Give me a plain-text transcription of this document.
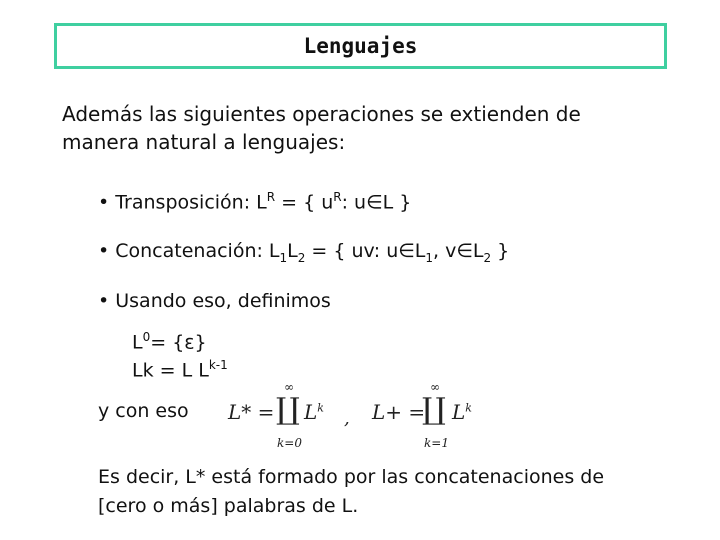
Lenguajes
Además las siguientes operaciones se extienden de manera natural a lenguajes:
• Transposición: $L^R$ = { $u^R$: u∈L }
• Concatenación: $L_1L_2$ = { uv: $u\in L_1$, $v\in L_2$ }
• Usando eso, definimos
$L^0= \{\varepsilon\}$
Lk = L $L^{k-1}$
y con eso L* =
∞
∐ $L^k$
k=0
, L+ =
∞
∐ $L^k$
k=1
Es decir, L* está formado por las concatenaciones de [cero o más] palabras de L.
